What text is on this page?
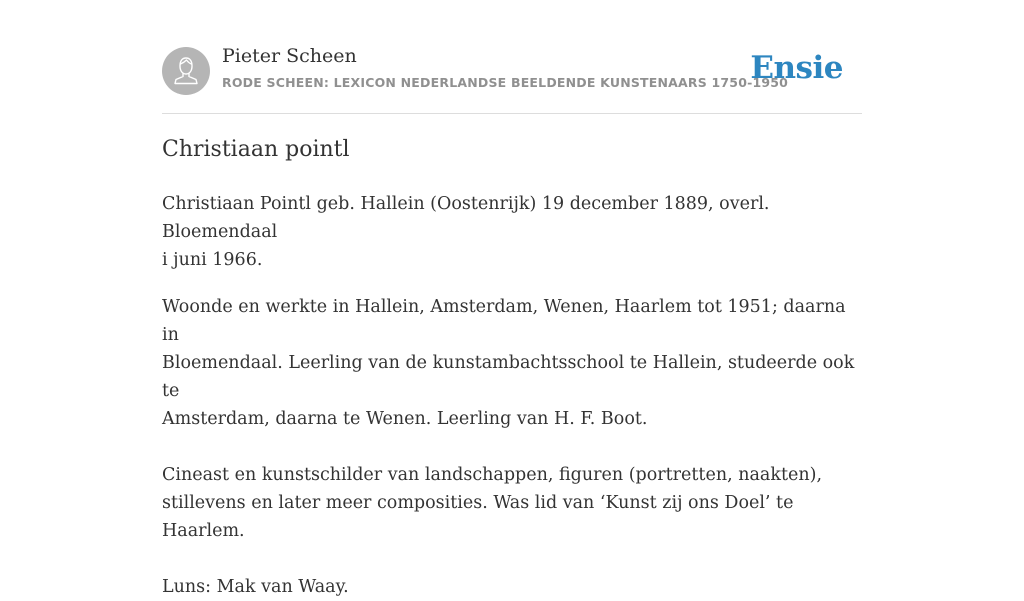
Pieter Scheen
RODE SCHEEN: LEXICON NEDERLANDSE BEELDENDE KUNSTENAARS 1750-1950
Ensie
Christiaan pointl

Christiaan Pointl geb. Hallein (Oostenrijk) 19 december 1889, overl. Bloemendaal
i juni 1966.

Woonde en werkte in Hallein, Amsterdam, Wenen, Haarlem tot 1951; daarna in
Bloemendaal. Leerling van de kunstambachtsschool te Hallein, studeerde ook te
Amsterdam, daarna te Wenen. Leerling van H. F. Boot.

Cineast en kunstschilder van landschappen, figuren (portretten, naakten),
stillevens en later meer composities. Was lid van ‘Kunst zij ons Doel’ te Haarlem.

Luns: Mak van Waay.
